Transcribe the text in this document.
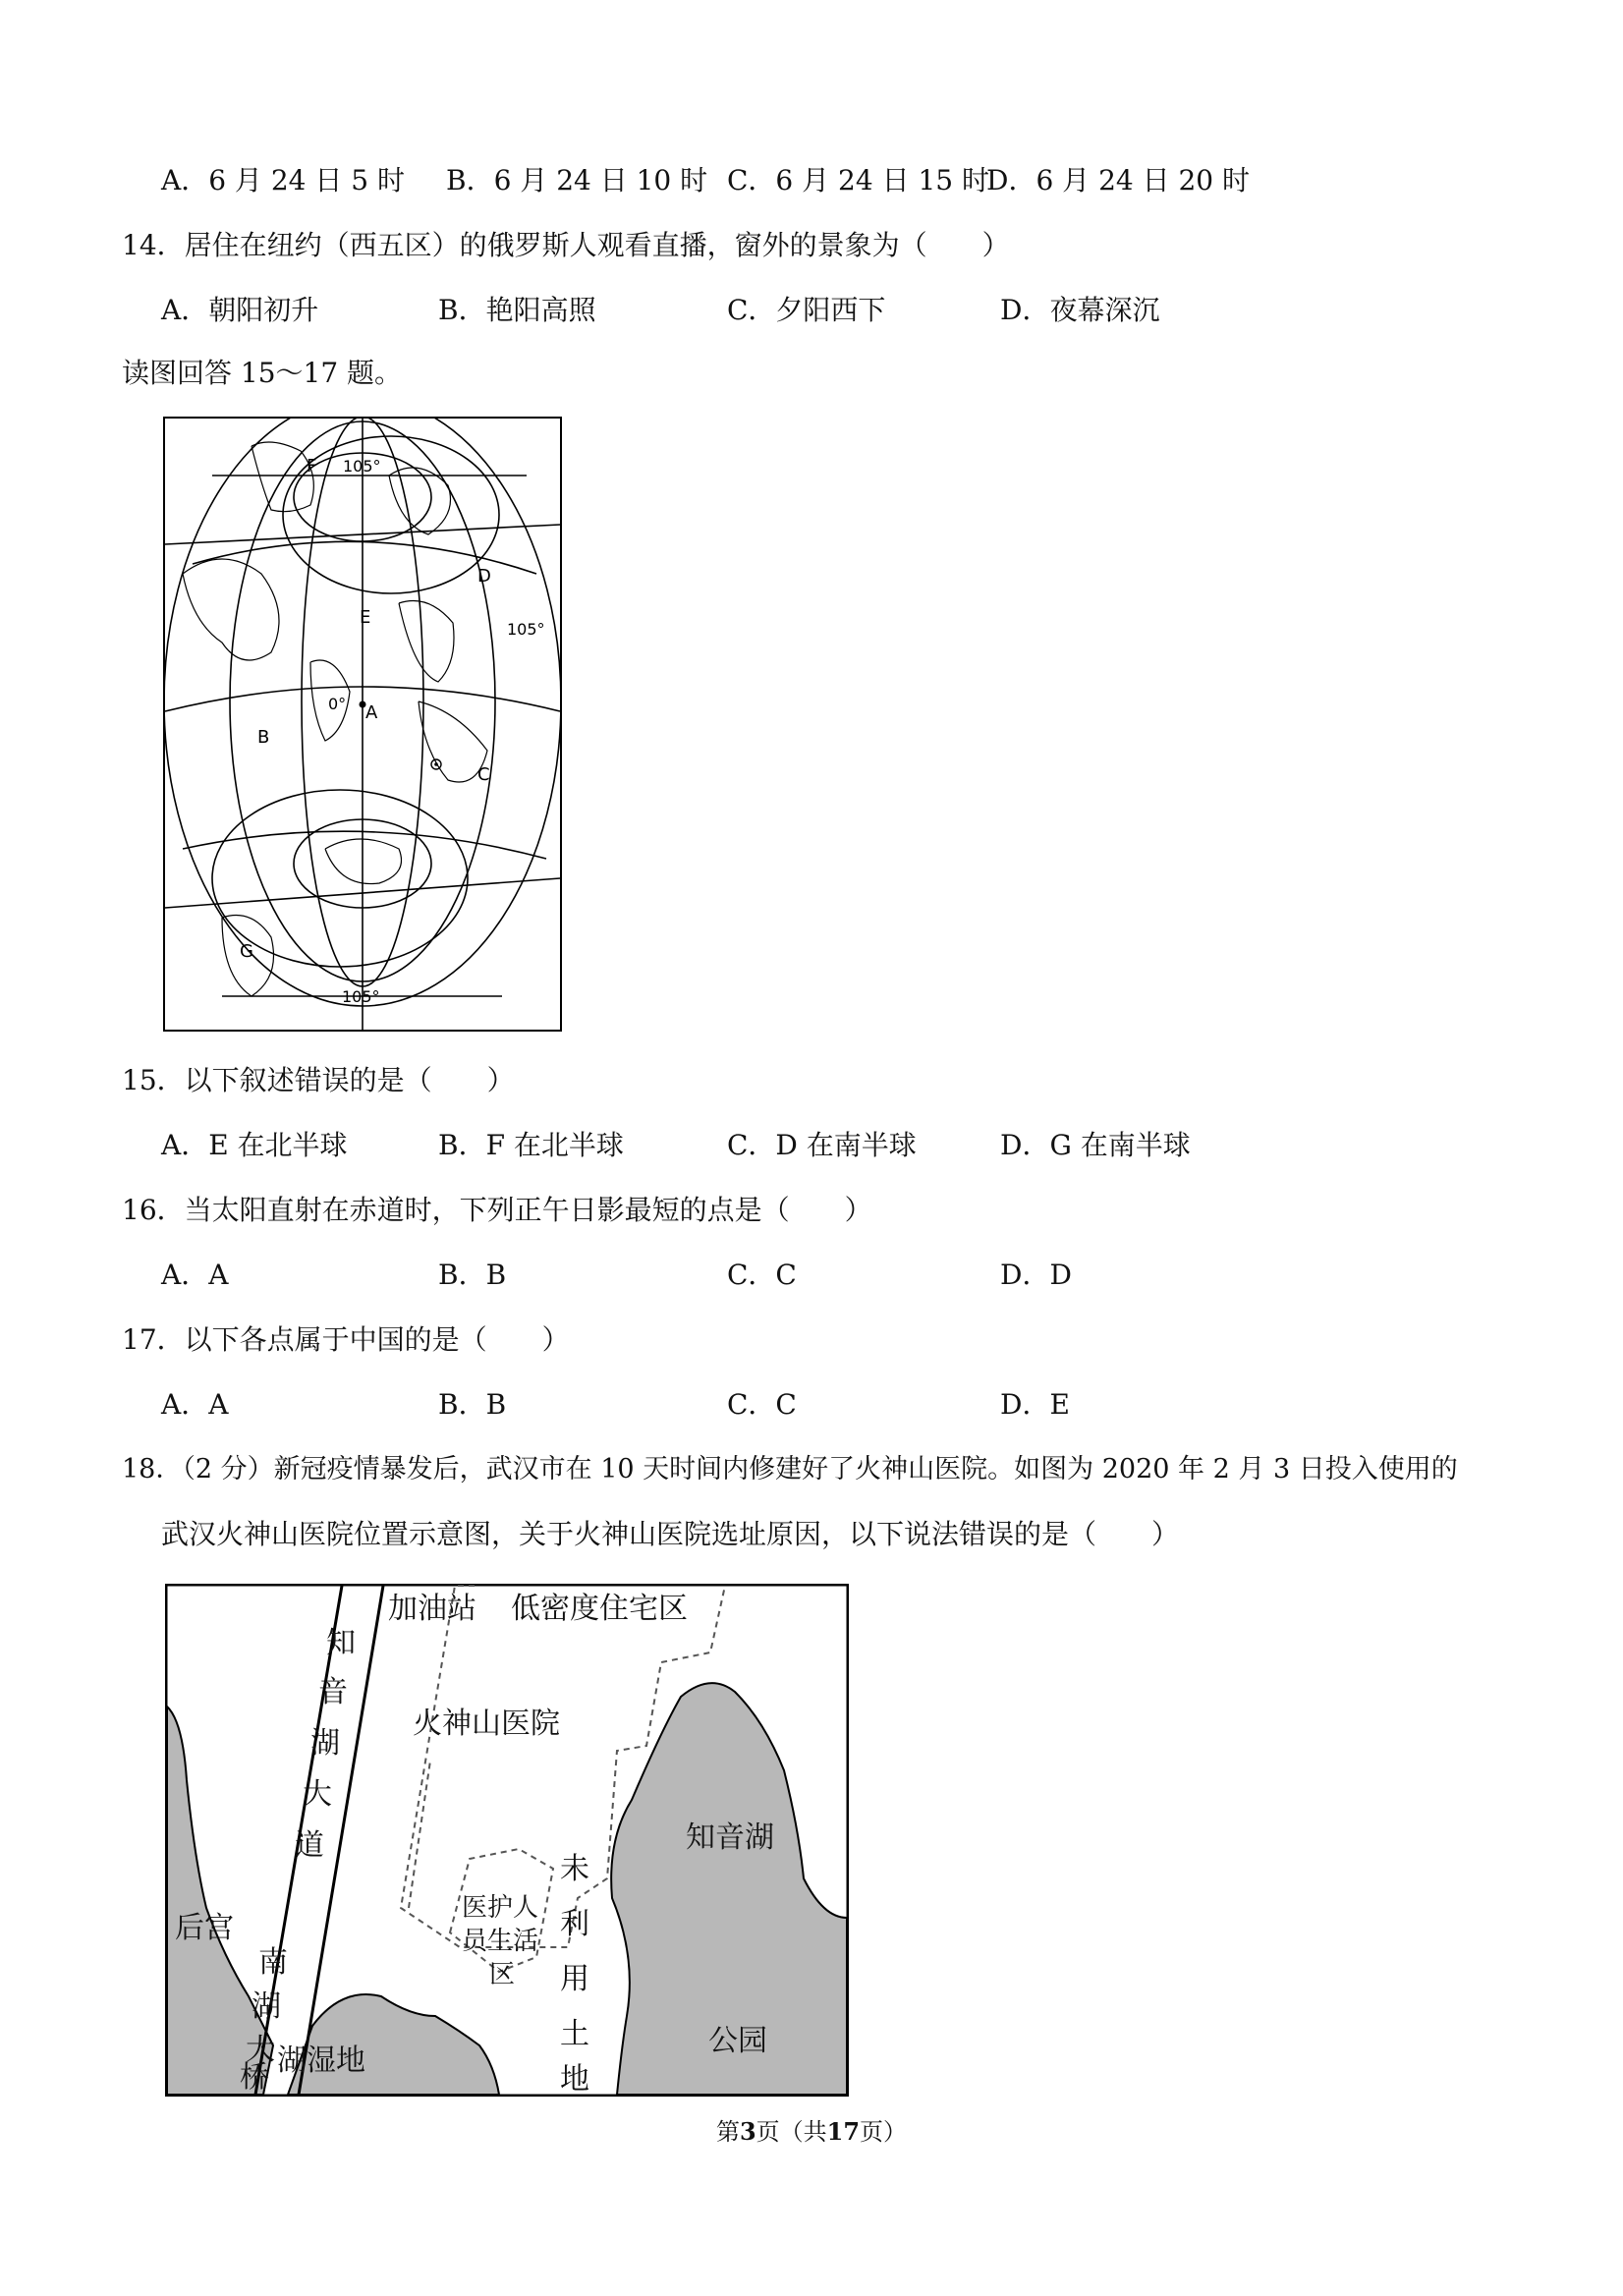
A．6 月 24 日 5 时 B．6 月 24 日 10 时 C．6 月 24 日 15 时
D．6 月 24 日 20 时
14．居住在纽约（西五区）的俄罗斯人观看直播，窗外的景象为（　　）
A．朝阳初升	B．艳阳高照	C．夕阳西下	D．夜幕深沉
读图回答 15～17 题。
F 105°
D
E
105°
0° A
B
C
G
105°
15．以下叙述错误的是（　　）
A．E 在北半球	B．F 在北半球	C．D 在南半球	D．G 在南半球
16．当太阳直射在赤道时，下列正午日影最短的点是（　　）
A．A	B．B	C．C	D．D
17．以下各点属于中国的是（　　）
A．A	B．B	C．C	D．E
18．（2 分）新冠疫情暴发后，武汉市在 10 天时间内修建好了火神山医院。如图为 2020 年 2 月 3 日投入使用的
武汉火神山医院位置示意图，关于火神山医院选址原因，以下说法错误的是（　　）
加油站 低密度住宅区
火神山医院
知音湖
后宫
湖湿地
公园
医护人
员生活
区
知
音
湖
大
道
南
湖
大
桥
未
利
用
土
地
第3页（共17页）
